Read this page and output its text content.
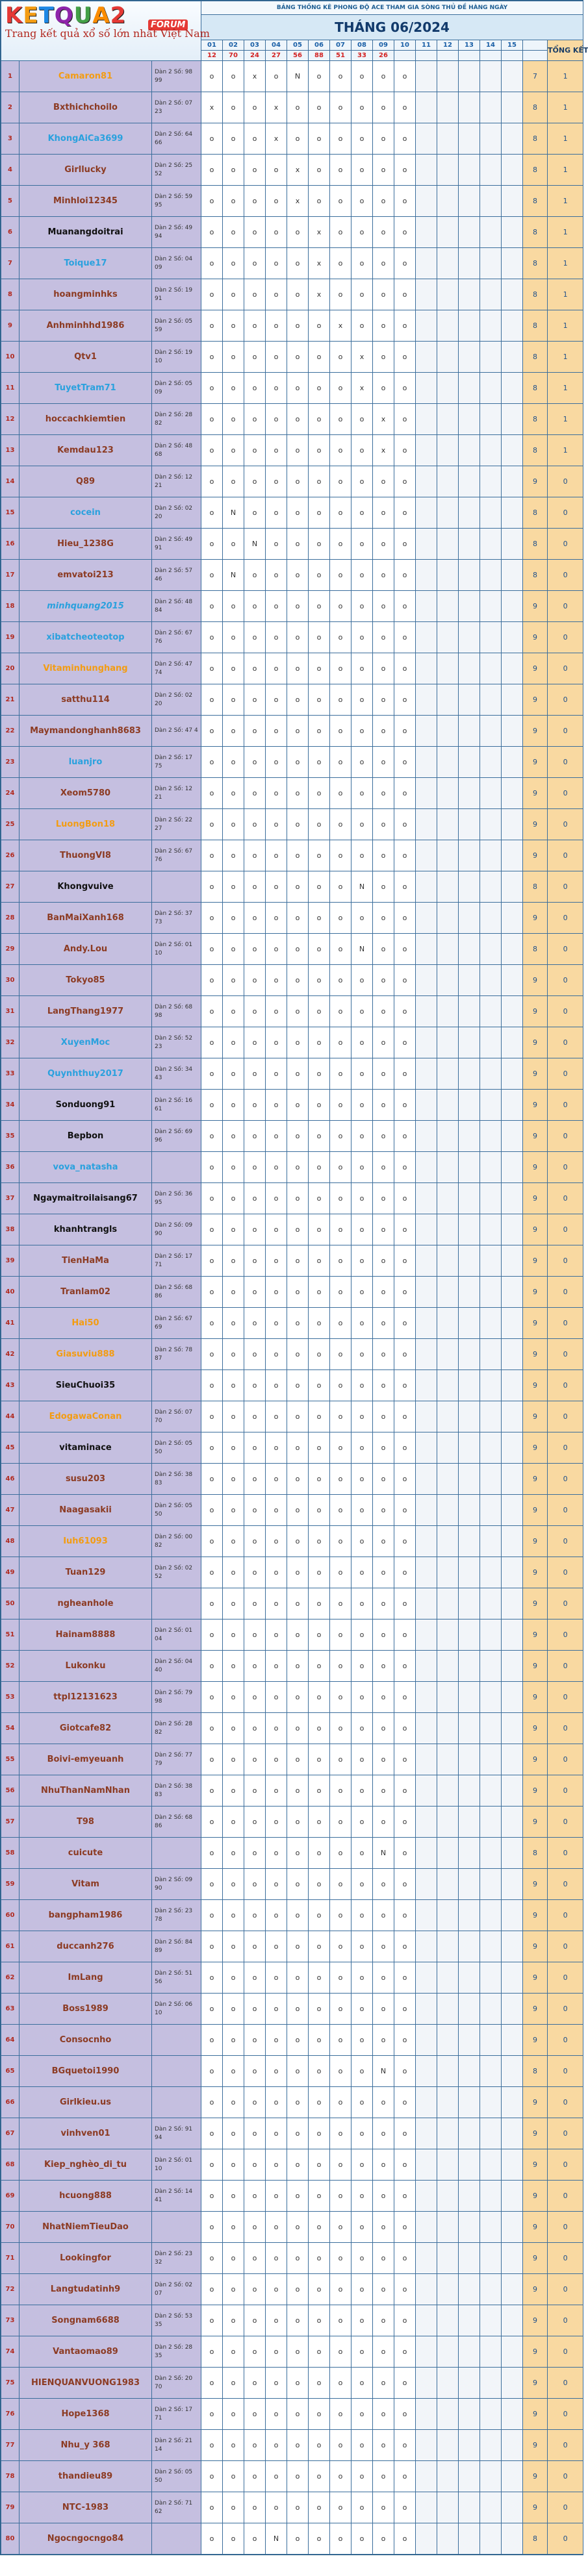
KETQUA2 FORUM
Trang kết quả xổ số lớn nhất Việt Nam			BẢNG THỐNG KÊ PHONG ĐỘ ACE THAM GIA SÒNG THỦ ĐỀ HÀNG NGÀY																
			THÁNG 06/2024																
			01	02	03	04	05	06	07	08	09	10	11	12	13	14	15		TỔNG KẾT
			12	70	24	27	56	88	51	33	26								
1	Camaron81	Dàn 2 Số: 98 99	o	o	x	o	N	o	o	o	o	o						7	1
2	Bxthichchoilo	Dàn 2 Số: 07 23	x	o	o	x	o	o	o	o	o	o						8	1
3	KhongAiCa3699	Dàn 2 Số: 64 66	o	o	o	x	o	o	o	o	o	o						8	1
4	Girllucky	Dàn 2 Số: 25 52	o	o	o	o	x	o	o	o	o	o						8	1
5	Minhloi12345	Dàn 2 Số: 59 95	o	o	o	o	x	o	o	o	o	o						8	1
6	Muanangdoitrai	Dàn 2 Số: 49 94	o	o	o	o	o	x	o	o	o	o						8	1
7	Toique17	Dàn 2 Số: 04 09	o	o	o	o	o	x	o	o	o	o						8	1
8	hoangminhks	Dàn 2 Số: 19 91	o	o	o	o	o	x	o	o	o	o						8	1
9	Anhminhhd1986	Dàn 2 Số: 05 59	o	o	o	o	o	o	x	o	o	o						8	1
10	Qtv1	Dàn 2 Số: 19 10	o	o	o	o	o	o	o	x	o	o						8	1
11	TuyetTram71	Dàn 2 Số: 05 09	o	o	o	o	o	o	o	x	o	o						8	1
12	hoccachkiemtien	Dàn 2 Số: 28 82	o	o	o	o	o	o	o	o	x	o						8	1
13	Kemdau123	Dàn 2 Số: 48 68	o	o	o	o	o	o	o	o	x	o						8	1
14	Q89	Dàn 2 Số: 12 21	o	o	o	o	o	o	o	o	o	o						9	0
15	cocein	Dàn 2 Số: 02 20	o	N	o	o	o	o	o	o	o	o						8	0
16	Hieu_1238G	Dàn 2 Số: 49 91	o	o	N	o	o	o	o	o	o	o						8	0
17	emvatoi213	Dàn 2 Số: 57 46	o	N	o	o	o	o	o	o	o	o						8	0
18	minhquang2015	Dàn 2 Số: 48 84	o	o	o	o	o	o	o	o	o	o						9	0
19	xibatcheoteotop	Dàn 2 Số: 67 76	o	o	o	o	o	o	o	o	o	o						9	0
20	Vitaminhunghang	Dàn 2 Số: 47 74	o	o	o	o	o	o	o	o	o	o						9	0
21	satthu114	Dàn 2 Số: 02 20	o	o	o	o	o	o	o	o	o	o						9	0
22	Maymandonghanh8683	Dàn 2 Số: 47 4	o	o	o	o	o	o	o	o	o	o						9	0
23	luanjro	Dàn 2 Số: 17 75	o	o	o	o	o	o	o	o	o	o						9	0
24	Xeom5780	Dàn 2 Số: 12 21	o	o	o	o	o	o	o	o	o	o						9	0
25	LuongBon18	Dàn 2 Số: 22 27	o	o	o	o	o	o	o	o	o	o						9	0
26	ThuongVI8	Dàn 2 Số: 67 76	o	o	o	o	o	o	o	o	o	o						9	0
27	Khongvuive		o	o	o	o	o	o	o	N	o	o						8	0
28	BanMaiXanh168	Dàn 2 Số: 37 73	o	o	o	o	o	o	o	o	o	o						9	0
29	Andy.Lou	Dàn 2 Số: 01 10	o	o	o	o	o	o	o	N	o	o						8	0
30	Tokyo85		o	o	o	o	o	o	o	o	o	o						9	0
31	LangThang1977	Dàn 2 Số: 68 98	o	o	o	o	o	o	o	o	o	o						9	0
32	XuyenMoc	Dàn 2 Số: 52 23	o	o	o	o	o	o	o	o	o	o						9	0
33	Quynhthuy2017	Dàn 2 Số: 34 43	o	o	o	o	o	o	o	o	o	o						9	0
34	Sonduong91	Dàn 2 Số: 16 61	o	o	o	o	o	o	o	o	o	o						9	0
35	Bepbon	Dàn 2 Số: 69 96	o	o	o	o	o	o	o	o	o	o						9	0
36	vova_natasha		o	o	o	o	o	o	o	o	o	o						9	0
37	Ngaymaitroilaisang67	Dàn 2 Số: 36 95	o	o	o	o	o	o	o	o	o	o						9	0
38	khanhtrangls	Dàn 2 Số: 09 90	o	o	o	o	o	o	o	o	o	o						9	0
39	TienHaMa	Dàn 2 Số: 17 71	o	o	o	o	o	o	o	o	o	o						9	0
40	Tranlam02	Dàn 2 Số: 68 86	o	o	o	o	o	o	o	o	o	o						9	0
41	Hai50	Dàn 2 Số: 67 69	o	o	o	o	o	o	o	o	o	o						9	0
42	Giasuviu888	Dàn 2 Số: 78 87	o	o	o	o	o	o	o	o	o	o						9	0
43	SieuChuoi35		o	o	o	o	o	o	o	o	o	o						9	0
44	EdogawaConan	Dàn 2 Số: 07 70	o	o	o	o	o	o	o	o	o	o						9	0
45	vitaminace	Dàn 2 Số: 05 50	o	o	o	o	o	o	o	o	o	o						9	0
46	susu203	Dàn 2 Số: 38 83	o	o	o	o	o	o	o	o	o	o						9	0
47	Naagasakii	Dàn 2 Số: 05 50	o	o	o	o	o	o	o	o	o	o						9	0
48	Iuh61093	Dàn 2 Số: 00 82	o	o	o	o	o	o	o	o	o	o						9	0
49	Tuan129	Dàn 2 Số: 02 52	o	o	o	o	o	o	o	o	o	o						9	0
50	ngheanhole		o	o	o	o	o	o	o	o	o	o						9	0
51	Hainam8888	Dàn 2 Số: 01 04	o	o	o	o	o	o	o	o	o	o						9	0
52	Lukonku	Dàn 2 Số: 04 40	o	o	o	o	o	o	o	o	o	o						9	0
53	ttpl12131623	Dàn 2 Số: 79 98	o	o	o	o	o	o	o	o	o	o						9	0
54	Giotcafe82	Dàn 2 Số: 28 82	o	o	o	o	o	o	o	o	o	o						9	0
55	Boivi-emyeuanh	Dàn 2 Số: 77 79	o	o	o	o	o	o	o	o	o	o						9	0
56	NhuThanNamNhan	Dàn 2 Số: 38 83	o	o	o	o	o	o	o	o	o	o						9	0
57	T98	Dàn 2 Số: 68 86	o	o	o	o	o	o	o	o	o	o						9	0
58	cuicute		o	o	o	o	o	o	o	o	N	o						8	0
59	Vitam	Dàn 2 Số: 09 90	o	o	o	o	o	o	o	o	o	o						9	0
60	bangpham1986	Dàn 2 Số: 23 78	o	o	o	o	o	o	o	o	o	o						9	0
61	duccanh276	Dàn 2 Số: 84 89	o	o	o	o	o	o	o	o	o	o						9	0
62	ImLang	Dàn 2 Số: 51 56	o	o	o	o	o	o	o	o	o	o						9	0
63	Boss1989	Dàn 2 Số: 06 10	o	o	o	o	o	o	o	o	o	o						9	0
64	Consocnho		o	o	o	o	o	o	o	o	o	o						9	0
65	BGquetoi1990		o	o	o	o	o	o	o	o	N	o						8	0
66	Girlkieu.us		o	o	o	o	o	o	o	o	o	o						9	0
67	vinhven01	Dàn 2 Số: 91 94	o	o	o	o	o	o	o	o	o	o						9	0
68	Kiep_nghèo_di_tu	Dàn 2 Số: 01 10	o	o	o	o	o	o	o	o	o	o						9	0
69	hcuong888	Dàn 2 Số: 14 41	o	o	o	o	o	o	o	o	o	o						9	0
70	NhatNiemTieuDao		o	o	o	o	o	o	o	o	o	o						9	0
71	Lookingfor	Dàn 2 Số: 23 32	o	o	o	o	o	o	o	o	o	o						9	0
72	Langtudatinh9	Dàn 2 Số: 02 07	o	o	o	o	o	o	o	o	o	o						9	0
73	Songnam6688	Dàn 2 Số: 53 35	o	o	o	o	o	o	o	o	o	o						9	0
74	Vantaomao89	Dàn 2 Số: 28 35	o	o	o	o	o	o	o	o	o	o						9	0
75	HIENQUANVUONG1983	Dàn 2 Số: 20 70	o	o	o	o	o	o	o	o	o	o						9	0
76	Hope1368	Dàn 2 Số: 17 71	o	o	o	o	o	o	o	o	o	o						9	0
77	Nhu_y 368	Dàn 2 Số: 21 14	o	o	o	o	o	o	o	o	o	o						9	0
78	thandieu89	Dàn 2 Số: 05 50	o	o	o	o	o	o	o	o	o	o						9	0
79	NTC-1983	Dàn 2 Số: 71 62	o	o	o	o	o	o	o	o	o	o						9	0
80	Ngocngocngo84		o	o	o	N	o	o	o	o	o	o						8	0
